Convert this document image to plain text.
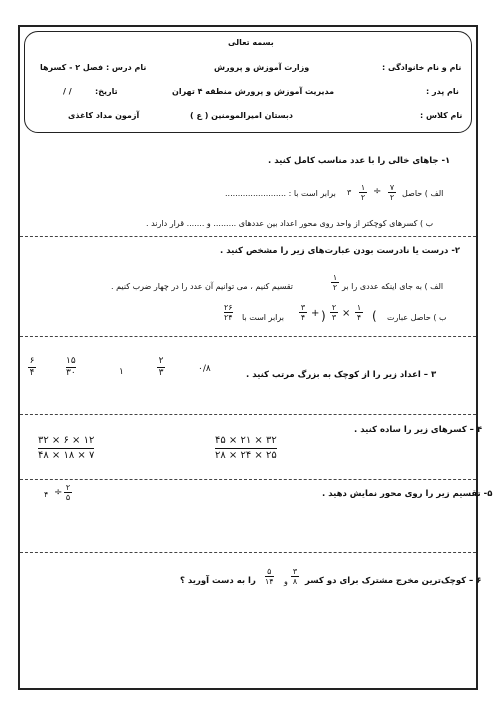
بسمه تعالی
وزارت آموزش و پرورش
مدیریت آموزش و پرورش منطقه ۴ تهران
دبستان امیرالمومنین ( ع )
نام و نام خانوادگی :
نام پدر :
نام کلاس :
نام درس : فصل ۲ - کسرها
تاریخ:
/ /
آزمون مداد کاغذی
۱- جاهای خالی را با عدد مناسب کامل کنید .
الف ) حاصل
۷
۲
÷
۱
۲
۳
برابر است با : ........................
ب ) کسرهای کوچکتر از واحد روی محور اعداد بین عددهای ......... و ....... قرار دارند .
۲- درست یا نادرست بودن عبارت‌های زیر را مشخص کنید .
الف ) به جای اینکه عددی را بر
۱
۲
تقسیم کنیم ، می توانیم آن عدد را در چهار ضرب کنیم .
ب ) حاصل عبارت
(
۱
۴
×
۲
۳
)
+
۳
۴
برابر است با
۲۶
۲۴
۳ – اعداد زیر را از کوچک به بزرگ مرتب کنید .
۰/۸
۲
۳
۱
۱۵
۳۰
۶
۴
۴ – کسرهای زیر را ساده کنید .
۴۵ × ۲۱ × ۳۲
۲۸ × ۲۴ × ۲۵
۳۲ × ۶ × ۱۲
۴۸ × ۱۸ × ۷
۵- تقسیم زیر را روی محور نمایش دهید .
۲
۵
÷
۴
۶ – کوچک‌ترین مخرج مشترک برای دو کسر
۳
۸
و
۵
۱۴
را به دست آورید ؟
